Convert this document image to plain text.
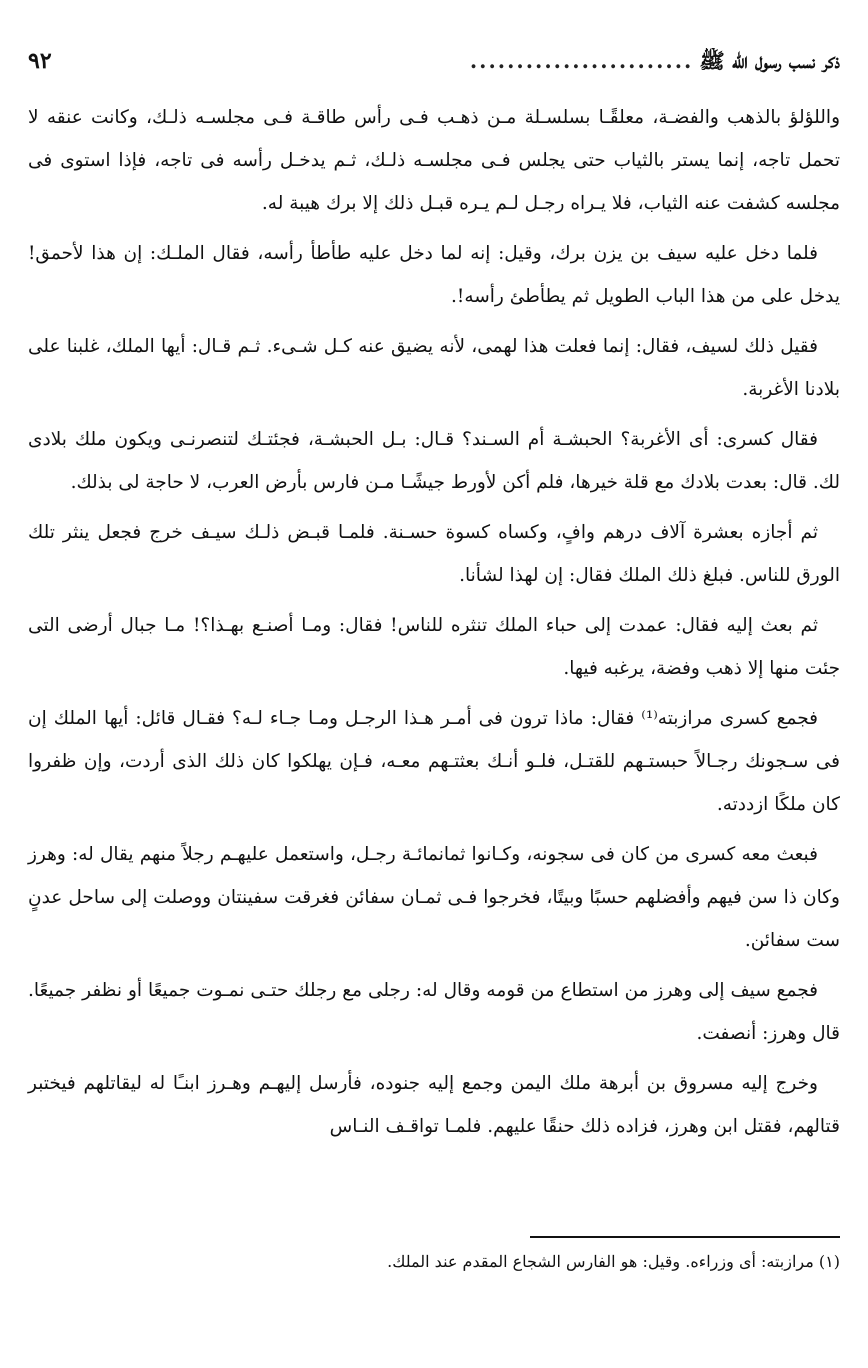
ذكر نسب رسول الله ﷺ
........................
٩٢

واللؤلؤ بالذهب والفضـة، معلقًـا بسلسـلة مـن ذهـب فـى رأس طاقـة فـى مجلسـه ذلـك، وكانت عنقه لا تحمل تاجه، إنما يستر بالثياب حتى يجلس فـى مجلسـه ذلـك، ثـم يدخـل رأسه فى تاجه، فإذا استوى فى مجلسه كشفت عنه الثياب، فلا يـراه رجـل لـم يـره قبـل ذلك إلا برك هيبة له.

فلما دخل عليه سيف بن يزن برك، وقيل: إنه لما دخل عليه طأطأ رأسه، فقال الملـك: إن هذا لأحمق! يدخل على من هذا الباب الطويل ثم يطأطئ رأسه!.

فقيل ذلك لسيف، فقال: إنما فعلت هذا لهمى، لأنه يضيق عنه كـل شـىء. ثـم قـال: أيها الملك، غلبنا على بلادنا الأغربة.

فقال كسرى: أى الأغربة؟ الحبشـة أم السـند؟ قـال: بـل الحبشـة، فجئتـك لتنصرنـى ويكون ملك بلادى لك. قال: بعدت بلادك مع قلة خيرها، فلم أكن لأورط جيشًـا مـن فارس بأرض العرب، لا حاجة لى بذلك.

ثم أجازه بعشرة آلاف درهم وافٍ، وكساه كسوة حسـنة. فلمـا قبـض ذلـك سيـف خرج فجعل ينثر تلك الورق للناس. فبلغ ذلك الملك فقال: إن لهذا لشأنا.

ثم بعث إليه فقال: عمدت إلى حباء الملك تنثره للناس! فقال: ومـا أصنـع بهـذا؟! مـا جبال أرضى التى جئت منها إلا ذهب وفضة، يرغبه فيها.

فجمع كسرى مرازبته⁽¹⁾ فقال: ماذا ترون فى أمـر هـذا الرجـل ومـا جـاء لـه؟ فقـال قائل: أيها الملك إن فى سـجونك رجـالاً حبستـهم للقتـل، فلـو أنـك بعثتـهم معـه، فـإن يهلكوا كان ذلك الذى أردت، وإن ظفروا كان ملكًا ازددته.

فبعث معه كسرى من كان فى سجونه، وكـانوا ثمانمائـة رجـل، واستعمل عليهـم رجلاً منهم يقال له: وهرز وكان ذا سن فيهم وأفضلهم حسبًا وبيتًا، فخرجوا فـى ثمـان سفائن فغرقت سفينتان ووصلت إلى ساحل عدنٍ ست سفائن.

فجمع سيف إلى وهرز من استطاع من قومه وقال له: رجلى مع رجلك حتـى نمـوت جميعًا أو نظفر جميعًا. قال وهرز: أنصفت.

وخرج إليه مسروق بن أبرهة ملك اليمن وجمع إليه جنوده، فأرسل إليهـم وهـرز ابنـًا له ليقاتلهم فيختبر قتالهم، فقتل ابن وهرز، فزاده ذلك حنقًا عليهم. فلمـا تواقـف النـاس

(١) مرازبته: أى وزراءه. وقيل: هو الفارس الشجاع المقدم عند الملك.
